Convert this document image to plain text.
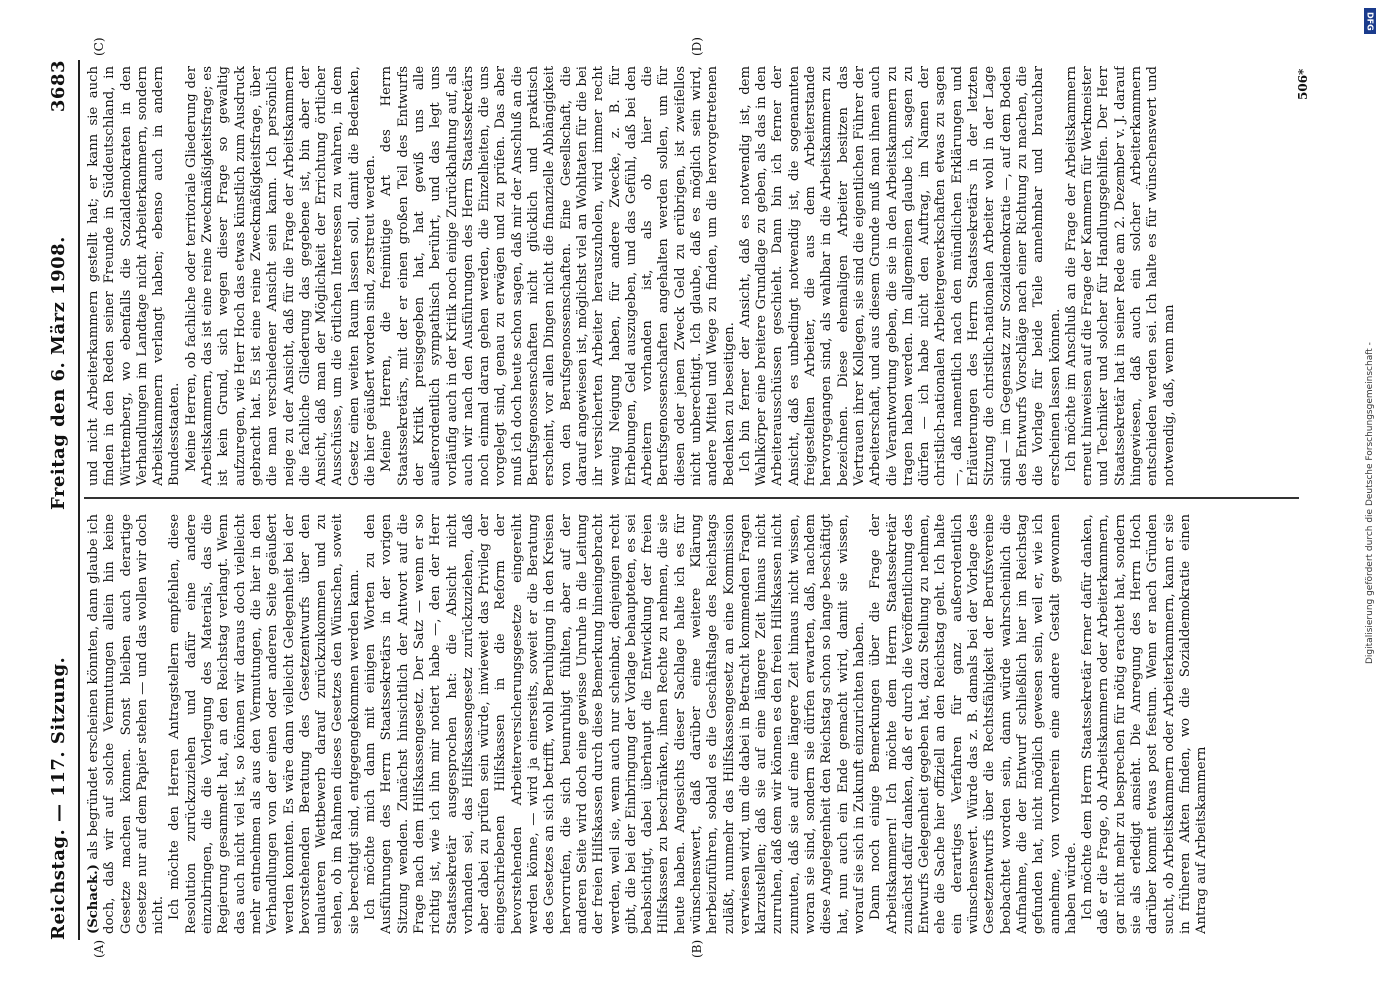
Reichstag. — 117. Sitzung.
Freitag den 6. März 1908.
3683
(A)	(B)
(C)	(D)

(Schack.) als begründet erscheinen könnten, dann glaube ich doch, daß wir auf solche Vermutungen allein hin keine Gesetze machen können. Sonst bleiben auch derartige Gesetze nur auf dem Papier stehen — und das wollen wir doch nicht. Ich möchte den Herren Antragstellern empfehlen, diese Resolution zurückzuziehen und dafür eine andere einzubringen, die die Vorlegung des Materials, das die Regierung gesammelt hat, an den Reichstag verlangt. Wenn das auch nicht viel ist, so können wir daraus doch vielleicht mehr entnehmen als aus den Vermutungen, die hier in den Verhandlungen von der einen oder anderen Seite geäußert werden konnten. Es wäre dann vielleicht Gelegenheit bei der bevorstehenden Beratung des Gesetzentwurfs über den unlauteren Wettbewerb darauf zurückzukommen und zu sehen, ob im Rahmen dieses Gesetzes den Wünschen, soweit sie berechtigt sind, entgegengekommen werden kann. Ich möchte mich dann mit einigen Worten zu den Ausführungen des Herrn Staatssekretärs in der vorigen Sitzung wenden. Zunächst hinsichtlich der Antwort auf die Frage nach dem Hilfskassengesetz. Der Satz — wenn er so richtig ist, wie ich ihn mir notiert habe —, den der Herr Staatssekretär ausgesprochen hat: die Absicht nicht vorhanden sei, das Hilfskassengesetz zurückzuziehen, daß aber dabei zu prüfen sein würde, inwieweit das Privileg der eingeschriebenen Hilfskassen in die Reform der bevorstehenden Arbeiterversicherungsgesetze eingereiht werden könne, — wird ja einerseits, soweit er die Beratung des Gesetzes an sich betrifft, wohl Beruhigung in den Kreisen hervorrufen, die sich beunruhigt fühlten, aber auf der anderen Seite wird doch eine gewisse Unruhe in die Leitung der freien Hilfskassen durch diese Bemerkung hineingebracht werden, weil sie, wenn auch nur scheinbar, denjenigen recht gibt, die bei der Einbringung der Vorlage behaupteten, es sei beabsichtigt, dabei überhaupt die Entwicklung der freien Hilfskassen zu beschränken, ihnen Rechte zu nehmen, die sie heute haben. Angesichts dieser Sachlage halte ich es für wünschenswert, daß darüber eine weitere Klärung herbeizuführen, sobald es die Geschäftslage des Reichstags zuläßt, nunmehr das Hilfskassengesetz an eine Kommission verwiesen wird, um die dabei in Betracht kommenden Fragen klarzustellen; daß sie auf eine längere Zeit hinaus nicht zurruhen, daß dem wir können es den freien Hilfskassen nicht zumuten, daß sie auf eine längere Zeit hinaus nicht wissen, woran sie sind, sondern sie dürfen erwarten, daß, nachdem diese Angelegenheit den Reichstag schon so lange beschäftigt hat, nun auch ein Ende gemacht wird, damit sie wissen, worauf sie sich in Zukunft einzurichten haben. Dann noch einige Bemerkungen über die Frage der Arbeitskammern! Ich möchte dem Herrn Staatssekretär zunächst dafür danken, daß er durch die Veröffentlichung des Entwurfs Gelegenheit gegeben hat, dazu Stellung zu nehmen, ehe die Sache hier offiziell an den Reichstag geht. Ich halte ein derartiges Verfahren für ganz außerordentlich wünschenswert. Würde das z. B. damals bei der Vorlage des Gesetzentwurfs über die Rechtsfähigkeit der Berufsvereine beobachtet worden sein, dann würde wahrscheinlich die Aufnahme, die der Entwurf schließlich hier im Reichstag gefunden hat, nicht möglich gewesen sein, weil er, wie ich annehme, von vornherein eine andere Gestalt gewonnen haben würde. Ich möchte dem Herrn Staatssekretär ferner dafür danken, daß er die Frage, ob Arbeitskammern oder Arbeiterkammern, gar nicht mehr zu besprechen für nötig erachtet hat, sondern sie als erledigt ansieht. Die Anregung des Herrn Hoch darüber kommt etwas post festum. Wenn er nach Gründen sucht, ob Arbeitskammern oder Arbeiterkammern, kann er sie in früheren Akten finden, wo die Sozialdemokratie einen Antrag auf Arbeitskammern

und nicht Arbeiterkammern gestellt hat; er kann sie auch finden in den Reden seiner Freunde in Süddeutschland, in Württemberg, wo ebenfalls die Sozialdemokraten in den Verhandlungen im Landtage nicht Arbeiterkammern, sondern Arbeitskammern verlangt haben; ebenso auch in andern Bundesstaaten. Meine Herren, ob fachliche oder territoriale Gliederung der Arbeitskammern, das ist eine reine Zweckmäßigkeitsfrage; es ist kein Grund, sich wegen dieser Frage so gewaltig aufzuregen, wie Herr Hoch das etwas künstlich zum Ausdruck gebracht hat. Es ist eine reine Zweckmäßigkeitsfrage, über die man verschiedener Ansicht sein kann. Ich persönlich neige zu der Ansicht, daß für die Frage der Arbeitskammern die fachliche Gliederung das gegebene ist, bin aber der Ansicht, daß man der Möglichkeit der Errichtung örtlicher Ausschüsse, um die örtlichen Interessen zu wahren, in dem Gesetz einen weiten Raum lassen soll, damit die Bedenken, die hier geäußert worden sind, zerstreut werden. Meine Herren, die freimütige Art des Herrn Staatssekretärs, mit der er einen großen Teil des Entwurfs der Kritik preisgegeben hat, hat gewiß uns alle außerordentlich sympathisch berührt, und das legt uns vorläufig auch in der Kritik noch einige Zurückhaltung auf, als auch wir nach den Ausführungen des Herrn Staatssekretärs noch einmal daran gehen werden, die Einzelheiten, die uns vorgelegt sind, genau zu erwägen und zu prüfen. Das aber muß ich doch heute schon sagen, daß mir der Anschluß an die Berufsgenossenschaften nicht glücklich und praktisch erscheint, vor allen Dingen nicht die finanzielle Abhängigkeit von den Berufsgenossenschaften. Eine Gesellschaft, die darauf angewiesen ist, möglichst viel an Wohltaten für die bei ihr versicherten Arbeiter herauszuholen, wird immer recht wenig Neigung haben, für andere Zwecke, z. B. für Erhebungen, Geld auszugeben, und das Gefühl, daß bei den Arbeitern vorhanden ist, als ob hier die Berufsgenossenschaften angehalten werden sollen, um für diesen oder jenen Zweck Geld zu erübrigen, ist zweifellos nicht unberechtigt. Ich glaube, daß es möglich sein wird, andere Mittel und Wege zu finden, um die hervorgetretenen Bedenken zu beseitigen. Ich bin ferner der Ansicht, daß es notwendig ist, dem Wahlkörper eine breitere Grundlage zu geben, als das in den Arbeiterausschüssen geschieht. Dann bin ich ferner der Ansicht, daß es unbedingt notwendig ist, die sogenannten freigestellten Arbeiter, die aus dem Arbeiterstande hervorgegangen sind, als wahlbar in die Arbeitskammern zu bezeichnen. Diese ehemaligen Arbeiter besitzen das Vertrauen ihrer Kollegen, sie sind die eigentlichen Führer der Arbeiterschaft, und aus diesem Grunde muß man ihnen auch die Verantwortung geben, die sie in den Arbeitskammern zu tragen haben werden. Im allgemeinen glaube ich, sagen zu dürfen — ich habe nicht den Auftrag, im Namen der christlich-nationalen Arbeitergewerkschaften etwas zu sagen —, daß namentlich nach den mündlichen Erklärungen und Erläuterungen des Herrn Staatssekretärs in der letzten Sitzung die christlich-nationalen Arbeiter wohl in der Lage sind — im Gegensatz zur Sozialdemokratie —, auf dem Boden des Entwurfs Vorschläge nach einer Richtung zu machen, die die Vorlage für beide Teile annehmbar und brauchbar erscheinen lassen können. Ich möchte im Anschluß an die Frage der Arbeitskammern erneut hinweisen auf die Frage der Kammern für Werkmeister und Techniker und solcher für Handlungsgehilfen. Der Herr Staatssekretär hat in seiner Rede am 2. Dezember v. J. darauf hingewiesen, daß auch ein solcher Arbeiterkammern entschieden werden sei. Ich halte es für wünschenswert und notwendig, daß, wenn man

506*
DFG
Digitalisierung gefördert durch die Deutsche Forschungsgemeinschaft -
